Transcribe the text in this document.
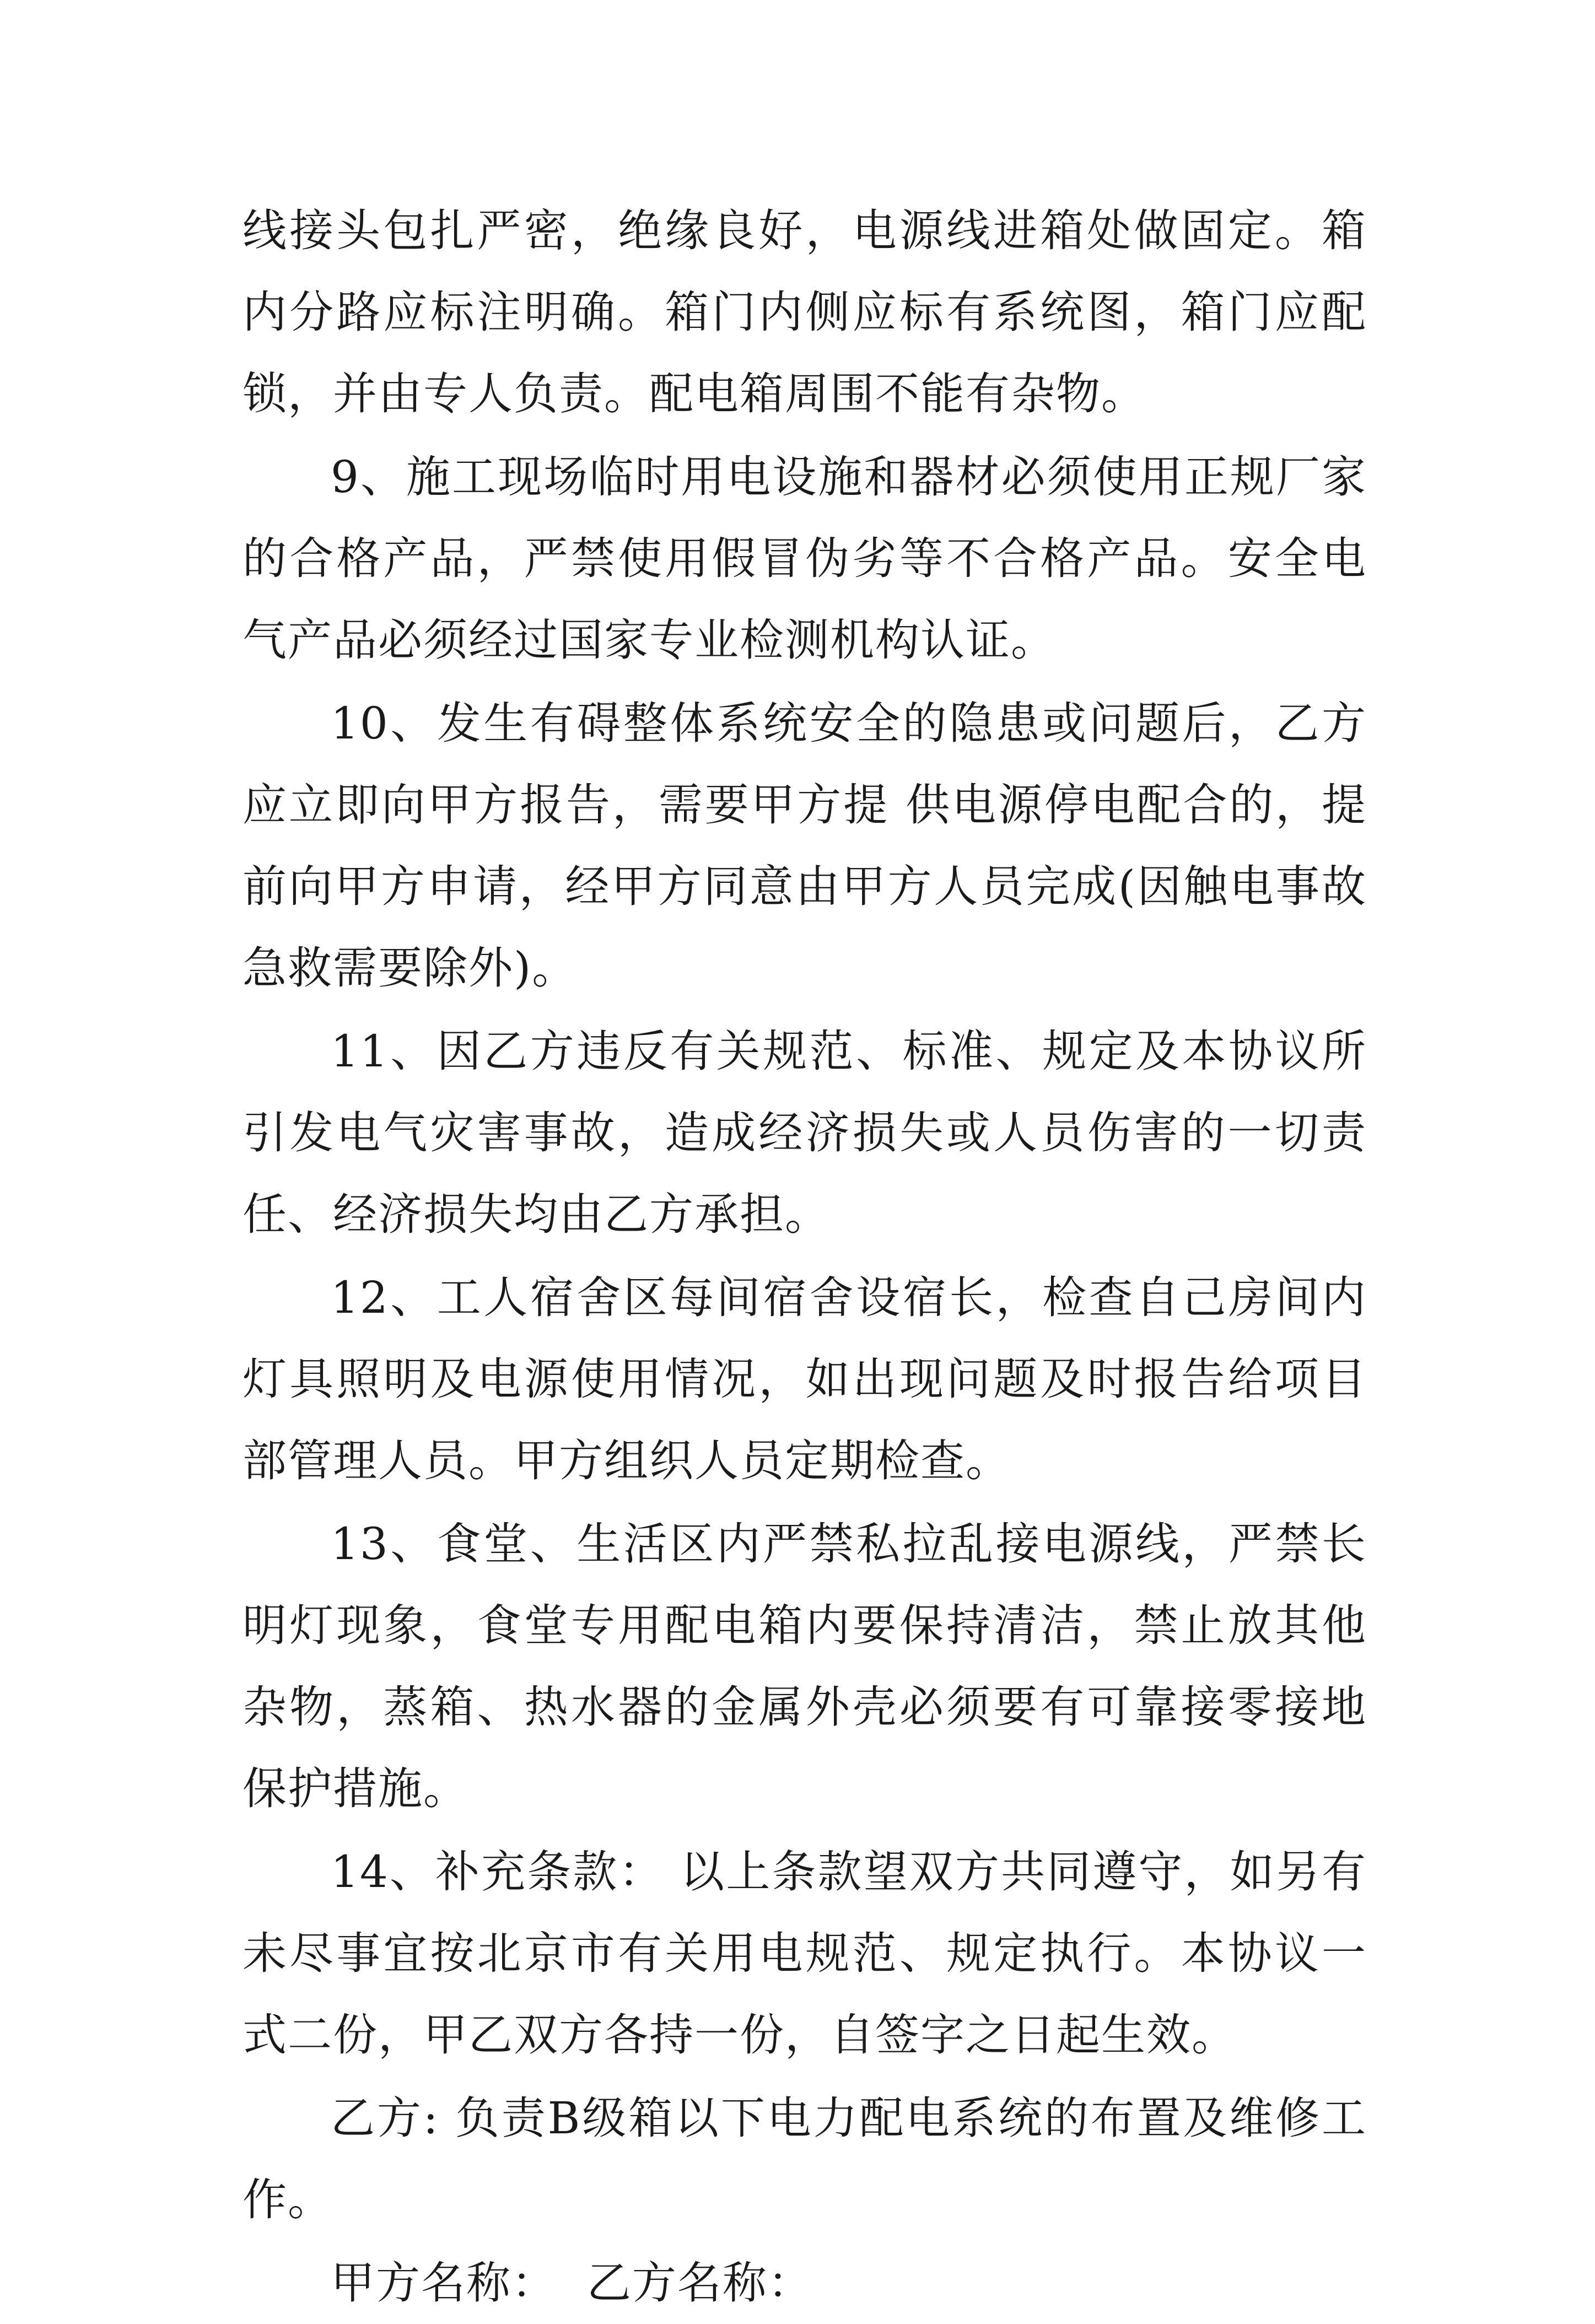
线接头包扎严密，绝缘良好，电源线进箱处做固定。箱内分路应标注明确。箱门内侧应标有系统图，箱门应配锁，并由专人负责。配电箱周围不能有杂物。

9、施工现场临时用电设施和器材必须使用正规厂家的合格产品，严禁使用假冒伪劣等不合格产品。安全电气产品必须经过国家专业检测机构认证。

10、发生有碍整体系统安全的隐患或问题后，乙方应立即向甲方报告，需要甲方提 供电源停电配合的，提前向甲方申请，经甲方同意由甲方人员完成(因触电事故急救需要除外)。

11、因乙方违反有关规范、标准、规定及本协议所引发电气灾害事故，造成经济损失或人员伤害的一切责任、经济损失均由乙方承担。

12、工人宿舍区每间宿舍设宿长，检查自己房间内灯具照明及电源使用情况，如出现问题及时报告给项目部管理人员。甲方组织人员定期检查。

13、食堂、生活区内严禁私拉乱接电源线，严禁长明灯现象，食堂专用配电箱内要保持清洁，禁止放其他杂物，蒸箱、热水器的金属外壳必须要有可靠接零接地保护措施。

14、补充条款： 以上条款望双方共同遵守，如另有未尽事宜按北京市有关用电规范、规定执行。本协议一式二份，甲乙双方各持一份，自签字之日起生效。

乙方: 负责B级箱以下电力配电系统的布置及维修工作。

甲方名称： 乙方名称：
